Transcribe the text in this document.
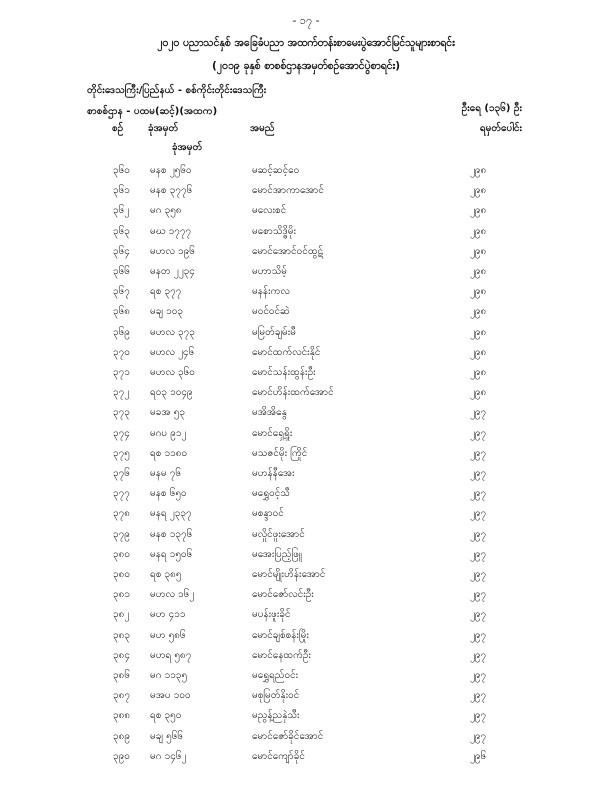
- ၁၇ -
၂၀၂၀ ပညာသင်နှစ် အခြေခံပညာ အထက်တန်းစာမေးပွဲအောင်မြင်သူများစာရင်း
(၂၀၁၉ ခုနှစ် စာစစ်ဌာနအမှတ်စဉ်အောင်ပွဲစာရင်း)
တိုင်းဒေသကြီး/ပြည်နယ် - စစ်ကိုင်းတိုင်းဒေသကြီး
စာစစ်ဌာန - ပထမ(ဆင့်)(အထက)	ဦးရေ (၁၃၆) ဦး
စဉ် ခုံအမှတ်
ခုံအမှတ်
အမည်	ရမှတ်ပေါင်း
၃၆၀ မနစ ၂၅၆၀	မဆင့်ဆင့်ဝေ	၂၉၈
၃၆၁ မနစ ၃၇၇၆	မောင်အာကာအောင်	၂၉၈
၃၆၂ မဂ ၃၅၈	မလေးစင်	၂၉၈
၃၆၃ မဃ ၁၇၇၇	မစောသိဒ္ဓိမိုး	၂၉၈
၃၆၄ မဟလ ၁၉၆	မောင်အောင်ဝင်ထွဋ်	၂၉၈
၃၆၆ မနတ ၂၂၃၄	မဟာသိမ့်	၂၉၈
၃၆၇ ရစ ၃၇၇	မနန်းကလ	၂၉၈
၃၆၈ မချ ၁၀၃	မဝင်ဝင်ဆဲ	၂၉၈
၃၆၉ မဟလ ၃၇၃	မမြတ်ချမ်းမီ	၂၉၈
၃၇၀ မဟလ ၂၄၆	မောင်ထက်လင်းနိုင်	၂၉၈
၃၇၁ မဟလ ၃၆၀	မောင်သန်းထွန်းဦး	၂၉၈
၃၇၂ ရဝ၃ ၁၀၄၉	မောင်ဟိန်းထက်အောင်	၂၉၈
၃၇၃ မခအ ၅၃	မအိအိနွေ	၂၉၇
၃၇၄ မဂပ ၉၁၂	မောင်ရှေ့ရှိုး	၂၉၇
၃၇၅ ရစ ၁၁၈၀	မသဇင်မိုး ကြိုင်	၂၉၇
၃၇၆ မနမ ၇၆	မဟန်နီအေး	၂၉၇
၃၇၇ မနစ ၆၅၀	မရွှေဝင့်သီ	၂၉၇
၃၇၈ မနရ ၂၃၃၇	မစန္ဒာဝင်	၂၉၇
၃၇၉ မနစ ၁၃၇၆	မလှိုင်ဖူးအောင်	၂၉၇
၃၈၀ မနရ ၁၅၀၆	မအေးပြည့်ဖြူ	၂၉၇
၃၈၀ ရစ ၃၈၅	မောင်မျိုးဟိန်းအောင်	၂၉၇
၃၈၁ မဟလ ၁၆၂	မောင်ဇော်လင်းဦး	၂၉၇
၃၈၂ မဟ ၄၁၁	မပန်းဖူးခိုင်	၂၉၇
၃၈၃ မဟ ၅၈၆	မောင်ချစ်စန်းမြိုး	၂၉၇
၃၈၄ မဟရ ၅၈၇	မောင်နေထက်ဦး	၂၉၇
၃၈၆ မဂ ၁၁၃၅	မရွှေရည်ဝင်း	၂၉၇
၃၈၇ မအပ ၁၀၀	မစုမြတ်နိုးဝင်	၂၉၇
၃၈၈ ရစ ၃၅၀	မညွန့်ညနှဲသီး	၂၉၇
၃၈၉ မချ ၅၆၆	မောင်ဇော်ခိုင်အောင်	၂၉၇
၃၉၀ မဂ ၁၄၆၂	မောင်ကျော်ခိုင်	၂၉၆
